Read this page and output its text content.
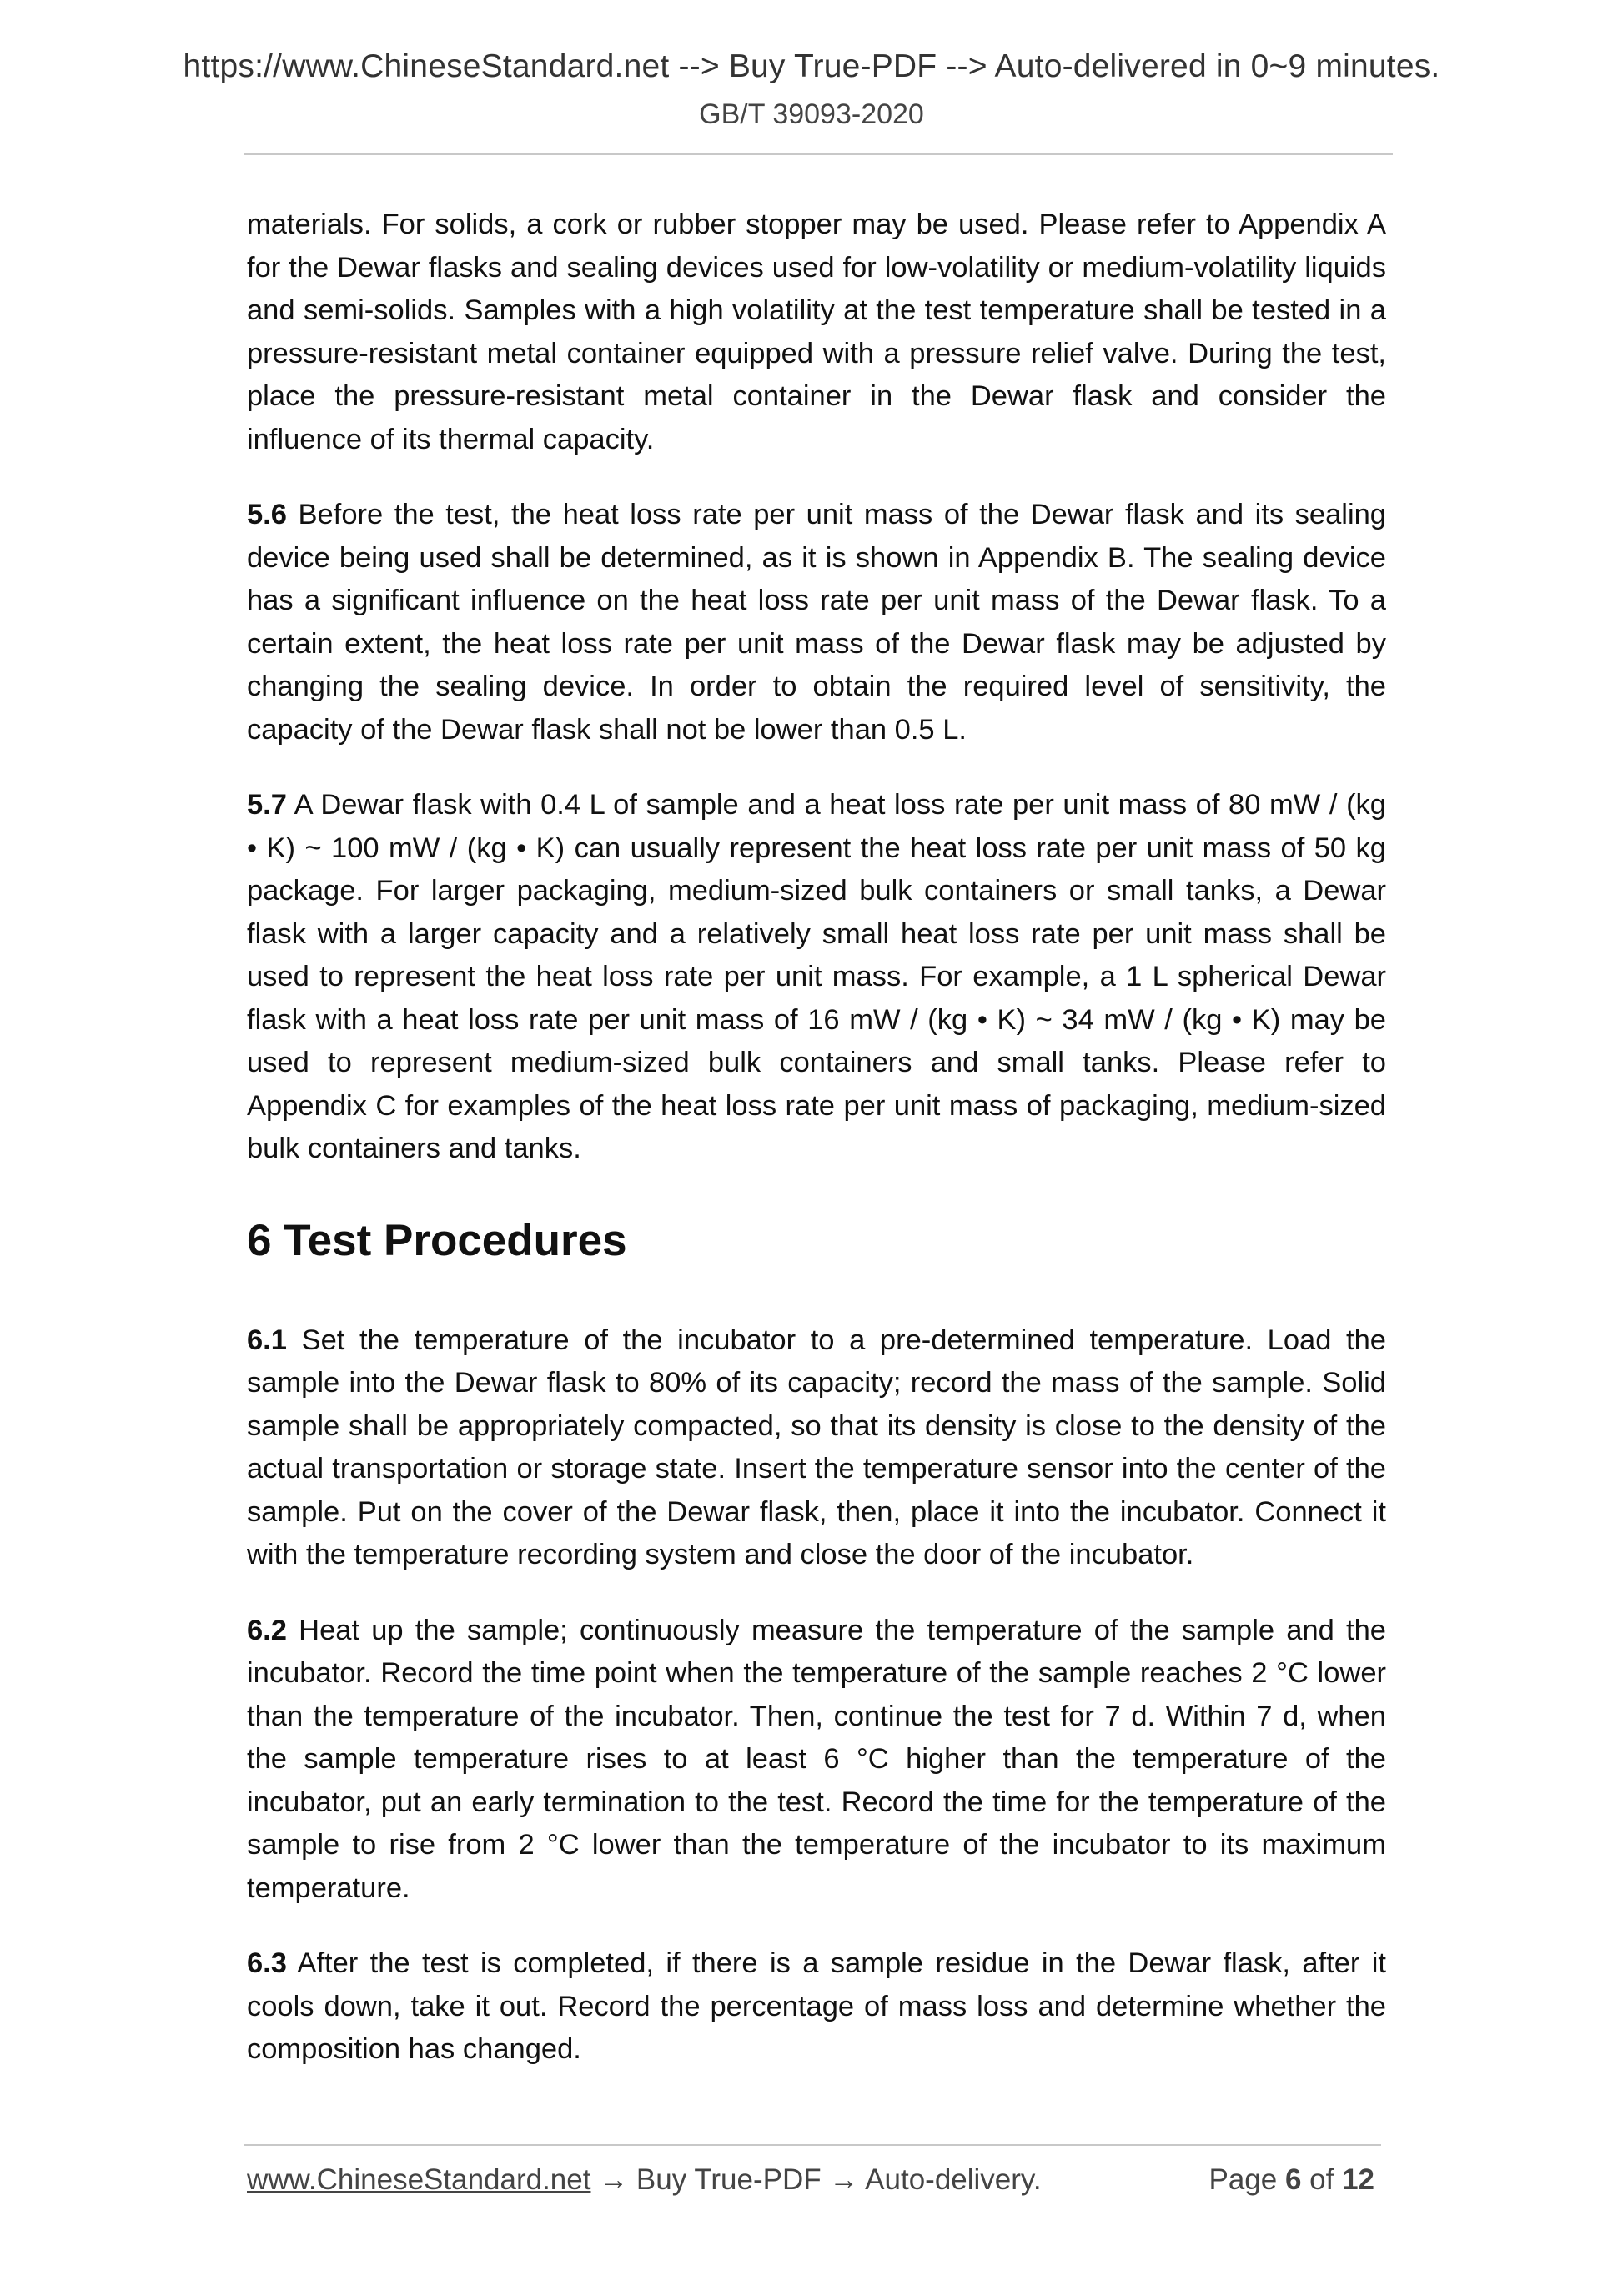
https://www.ChineseStandard.net --> Buy True-PDF --> Auto-delivered in 0~9 minutes.
GB/T 39093-2020

materials. For solids, a cork or rubber stopper may be used. Please refer to Appendix A for the Dewar flasks and sealing devices used for low-volatility or medium-volatility liquids and semi-solids. Samples with a high volatility at the test temperature shall be tested in a pressure-resistant metal container equipped with a pressure relief valve. During the test, place the pressure-resistant metal container in the Dewar flask and consider the influence of its thermal capacity.

5.6 Before the test, the heat loss rate per unit mass of the Dewar flask and its sealing device being used shall be determined, as it is shown in Appendix B. The sealing device has a significant influence on the heat loss rate per unit mass of the Dewar flask. To a certain extent, the heat loss rate per unit mass of the Dewar flask may be adjusted by changing the sealing device. In order to obtain the required level of sensitivity, the capacity of the Dewar flask shall not be lower than 0.5 L.

5.7 A Dewar flask with 0.4 L of sample and a heat loss rate per unit mass of 80 mW / (kg • K) ~ 100 mW / (kg • K) can usually represent the heat loss rate per unit mass of 50 kg package. For larger packaging, medium-sized bulk containers or small tanks, a Dewar flask with a larger capacity and a relatively small heat loss rate per unit mass shall be used to represent the heat loss rate per unit mass. For example, a 1 L spherical Dewar flask with a heat loss rate per unit mass of 16 mW / (kg • K) ~ 34 mW / (kg • K) may be used to represent medium-sized bulk containers and small tanks. Please refer to Appendix C for examples of the heat loss rate per unit mass of packaging, medium-sized bulk containers and tanks.

6 Test Procedures

6.1 Set the temperature of the incubator to a pre-determined temperature. Load the sample into the Dewar flask to 80% of its capacity; record the mass of the sample. Solid sample shall be appropriately compacted, so that its density is close to the density of the actual transportation or storage state. Insert the temperature sensor into the center of the sample. Put on the cover of the Dewar flask, then, place it into the incubator. Connect it with the temperature recording system and close the door of the incubator.

6.2 Heat up the sample; continuously measure the temperature of the sample and the incubator. Record the time point when the temperature of the sample reaches 2 °C lower than the temperature of the incubator. Then, continue the test for 7 d. Within 7 d, when the sample temperature rises to at least 6 °C higher than the temperature of the incubator, put an early termination to the test. Record the time for the temperature of the sample to rise from 2 °C lower than the temperature of the incubator to its maximum temperature.

6.3 After the test is completed, if there is a sample residue in the Dewar flask, after it cools down, take it out. Record the percentage of mass loss and determine whether the composition has changed.

www.ChineseStandard.net → Buy True-PDF → Auto-delivery.	Page 6 of 12
